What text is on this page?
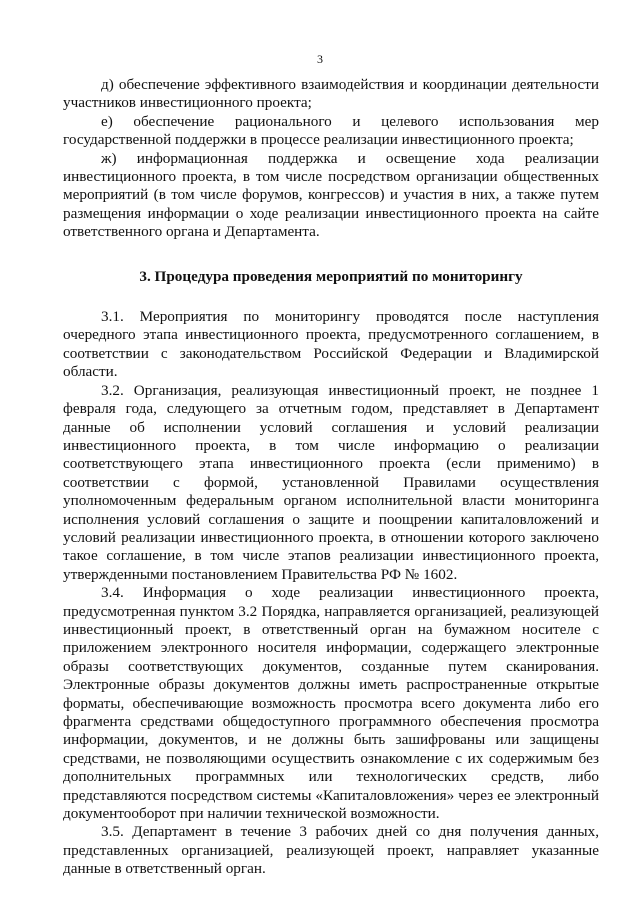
3

д) обеспечение эффективного взаимодействия и координации деятельности участников инвестиционного проекта;

е) обеспечение рационального и целевого использования мер государственной поддержки в процессе реализации инвестиционного проекта;

ж) информационная поддержка и освещение хода реализации инвестиционного проекта, в том числе посредством организации общественных мероприятий (в том числе форумов, конгрессов) и участия в них, а также путем размещения информации о ходе реализации инвестиционного проекта на сайте ответственного органа и Департамента.

3. Процедура проведения мероприятий по мониторингу

3.1. Мероприятия по мониторингу проводятся после наступления очередного этапа инвестиционного проекта, предусмотренного соглашением, в соответствии с законодательством Российской Федерации и Владимирской области.

3.2. Организация, реализующая инвестиционный проект, не позднее 1 февраля года, следующего за отчетным годом, представляет в Департамент данные об исполнении условий соглашения и условий реализации инвестиционного проекта, в том числе информацию о реализации соответствующего этапа инвестиционного проекта (если применимо) в соответствии с формой, установленной Правилами осуществления уполномоченным федеральным органом исполнительной власти мониторинга исполнения условий соглашения о защите и поощрении капиталовложений и условий реализации инвестиционного проекта, в отношении которого заключено такое соглашение, в том числе этапов реализации инвестиционного проекта, утвержденными постановлением Правительства РФ № 1602.

3.4. Информация о ходе реализации инвестиционного проекта, предусмотренная пунктом 3.2 Порядка, направляется организацией, реализующей инвестиционный проект, в ответственный орган на бумажном носителе с приложением электронного носителя информации, содержащего электронные образы соответствующих документов, созданные путем сканирования. Электронные образы документов должны иметь распространенные открытые форматы, обеспечивающие возможность просмотра всего документа либо его фрагмента средствами общедоступного программного обеспечения просмотра информации, документов, и не должны быть зашифрованы или защищены средствами, не позволяющими осуществить ознакомление с их содержимым без дополнительных программных или технологических средств, либо представляются посредством системы «Капиталовложения» через ее электронный документооборот при наличии технической возможности.

3.5. Департамент в течение 3 рабочих дней со дня получения данных, представленных организацией, реализующей проект, направляет указанные данные в ответственный орган.
